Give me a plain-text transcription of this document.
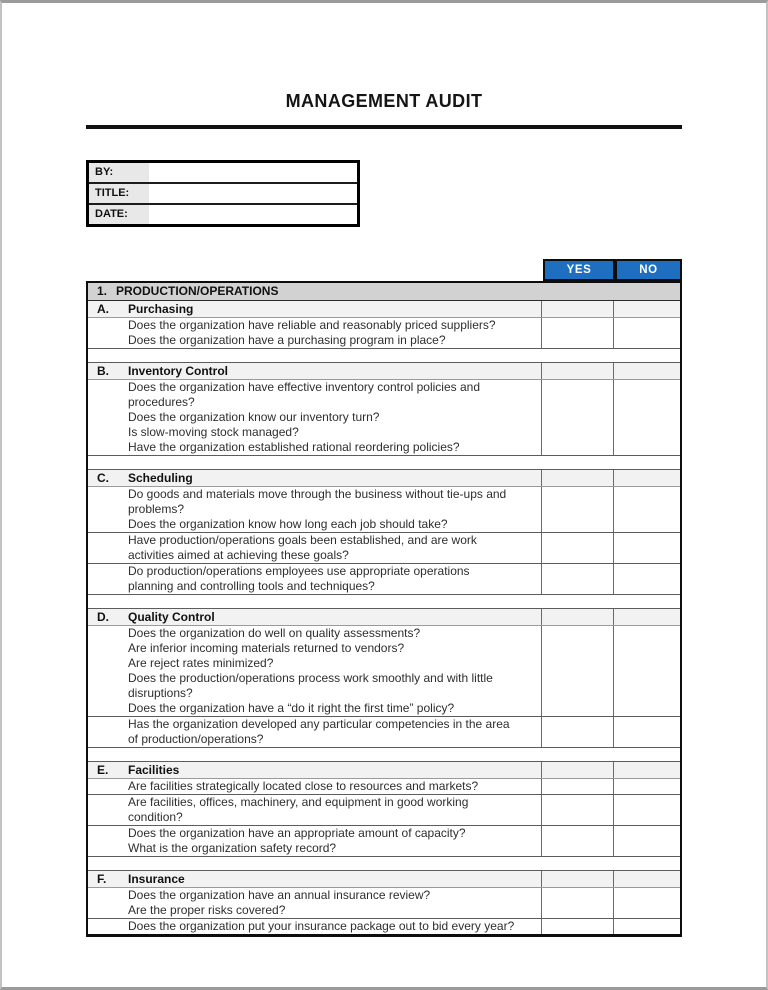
MANAGEMENT AUDIT
BY:
TITLE:
DATE:
YES	NO
1. PRODUCTION/OPERATIONS
A.	Purchasing
Does the organization have reliable and reasonably priced suppliers?
Does the organization have a purchasing program in place?
B.	Inventory Control
Does the organization have effective inventory control policies and procedures?
Does the organization know our inventory turn?
Is slow-moving stock managed?
Have the organization established rational reordering policies?
C.	Scheduling
Do goods and materials move through the business without tie-ups and problems?
Does the organization know how long each job should take?
Have production/operations goals been established, and are work activities aimed at achieving these goals?
Do production/operations employees use appropriate operations planning and controlling tools and techniques?
D.	Quality Control
Does the organization do well on quality assessments?
Are inferior incoming materials returned to vendors?
Are reject rates minimized?
Does the production/operations process work smoothly and with little disruptions?
Does the organization have a “do it right the first time” policy?
Has the organization developed any particular competencies in the area of production/operations?
E.	Facilities
Are facilities strategically located close to resources and markets?
Are facilities, offices, machinery, and equipment in good working condition?
Does the organization have an appropriate amount of capacity?
What is the organization safety record?
F.	Insurance
Does the organization have an annual insurance review?
Are the proper risks covered?
Does the organization put your insurance package out to bid every year?
